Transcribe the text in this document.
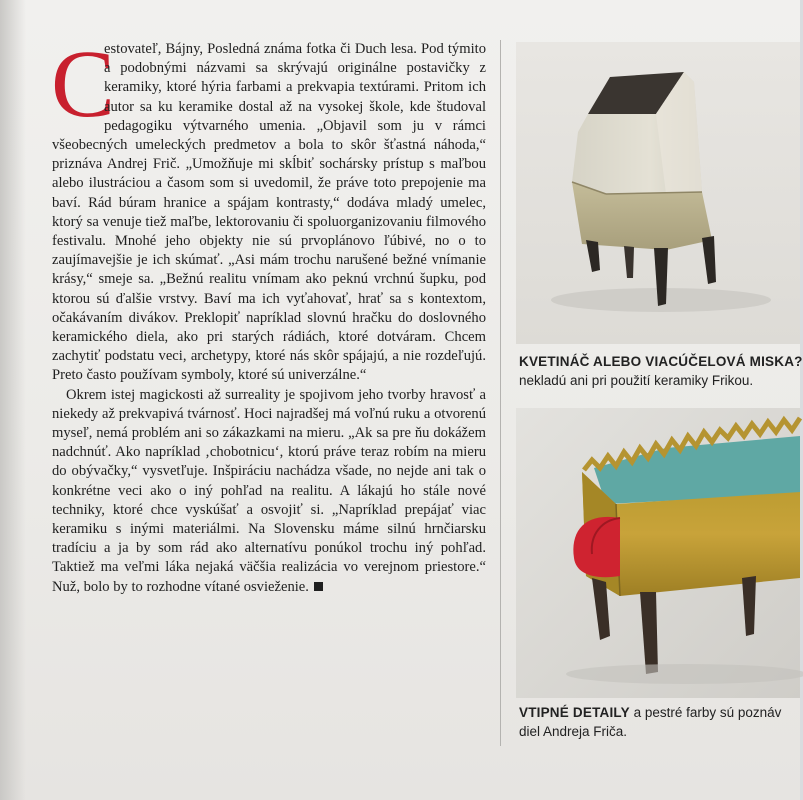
C
estovateľ, Bájny, Posledná známa fotka či Duch lesa. Pod týmito a podobnými názvami sa skrývajú originálne postavičky z keramiky, ktoré hýria farbami a prekvapia textúrami. Pritom ich autor sa ku keramike dostal až na vysokej škole, kde študoval pedagogiku výtvarného umenia. „Objavil som ju v rámci všeobecných umeleckých predmetov a bola to skôr šťastná náhoda,“ priznáva Andrej Frič. „Umožňuje mi skĺbiť sochársky prístup s maľbou alebo ilustráciou a časom som si uvedomil, že práve toto prepojenie ma baví. Rád búram hranice a spájam kontrasty,“ dodáva mladý umelec, ktorý sa venuje tiež maľbe, lektorovaniu či spoluorganizovaniu filmového festivalu. Mnohé jeho objekty nie sú prvoplánovo ľúbivé, no o to zaujímavejšie je ich skúmať. „Asi mám trochu narušené bežné vnímanie krásy,“ smeje sa. „Bežnú realitu vnímam ako peknú vrchnú šupku, pod ktorou sú ďalšie vrstvy. Baví ma ich vyťahovať, hrať sa s kontextom, očakávaním divákov. Preklopiť napríklad slovnú hračku do doslovného keramického diela, ako pri starých rádiách, ktoré dotváram. Chcem zachytiť podstatu veci, archetypy, ktoré nás skôr spájajú, a nie rozdeľujú. Preto často používam symboly, ktoré sú univerzálne.“

Okrem istej magickosti až surreality je spojivom jeho tvorby hravosť a niekedy až prekvapivá tvárnosť. Hoci najradšej má voľnú ruku a otvorenú myseľ, nemá problém ani so zákazkami na mieru. „Ak sa pre ňu dokážem nadchnúť. Ako napríklad ‚chobotnicu‘, ktorú práve teraz robím na mieru do obývačky,“ vysvetľuje. Inšpiráciu nachádza všade, no nejde ani tak o konkrétne veci ako o iný pohľad na realitu. A lákajú ho stále nové techniky, ktoré chce vyskúšať a osvojiť si. „Napríklad prepájať viac keramiku s inými materiálmi. Na Slovensku máme silnú hrnčiarsku tradíciu a ja by som rád ako alternatívu ponúkol trochu iný pohľad. Taktiež ma veľmi láka nejaká väčšia realizácia vo verejnom priestore.“ Nuž, bolo by to rozhodne vítané osvieženie.

KVETINÁČ ALEBO VIACÚČELOVÁ MISKA?
nekladú ani pri použití keramiky Frikou.
VTIPNÉ DETAILY a pestré farby sú poznáv
diel Andreja Friča.
